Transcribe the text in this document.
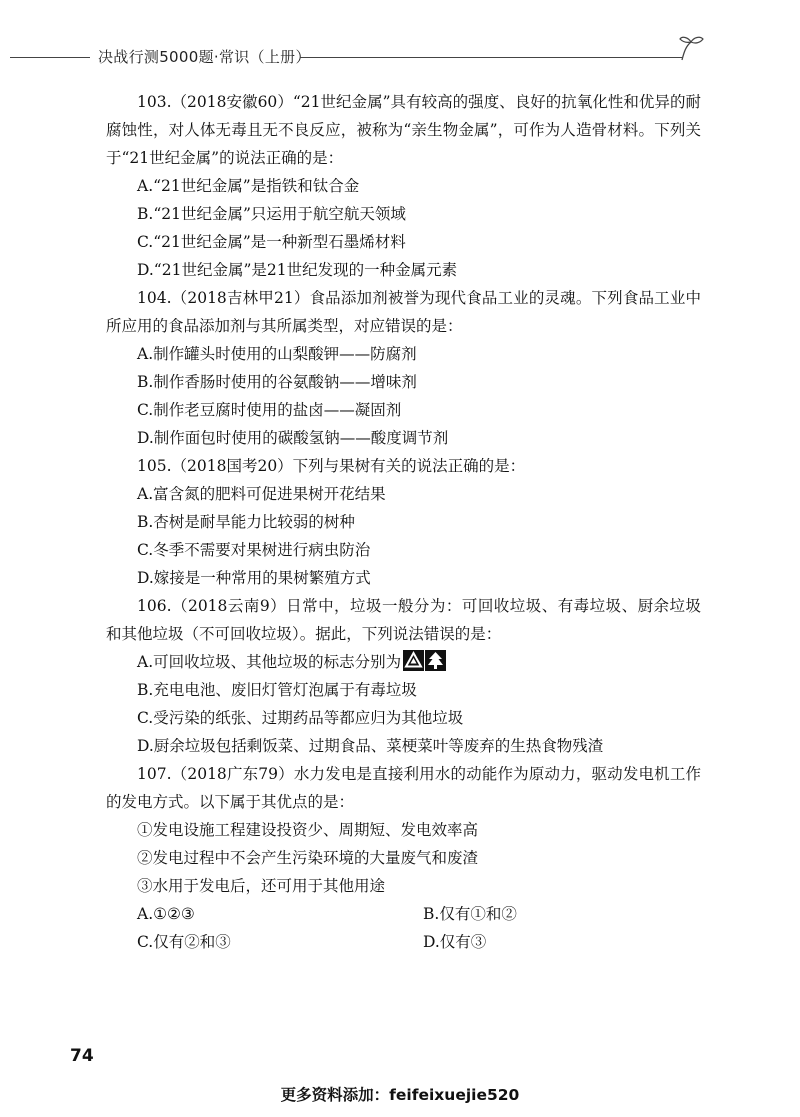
决战行测5000题·常识（上册）

103.（2018安徽60）“21世纪金属”具有较高的强度、良好的抗氧化性和优异的耐腐蚀性，对人体无毒且无不良反应，被称为“亲生物金属”，可作为人造骨材料。下列关于“21世纪金属”的说法正确的是：

A.“21世纪金属”是指铁和钛合金

B.“21世纪金属”只运用于航空航天领域

C.“21世纪金属”是一种新型石墨烯材料

D.“21世纪金属”是21世纪发现的一种金属元素

104.（2018吉林甲21）食品添加剂被誉为现代食品工业的灵魂。下列食品工业中所应用的食品添加剂与其所属类型，对应错误的是：

A.制作罐头时使用的山梨酸钾——防腐剂

B.制作香肠时使用的谷氨酸钠——增味剂

C.制作老豆腐时使用的盐卤——凝固剂

D.制作面包时使用的碳酸氢钠——酸度调节剂

105.（2018国考20）下列与果树有关的说法正确的是：

A.富含氮的肥料可促进果树开花结果

B.杏树是耐旱能力比较弱的树种

C.冬季不需要对果树进行病虫防治

D.嫁接是一种常用的果树繁殖方式

106.（2018云南9）日常中，垃圾一般分为：可回收垃圾、有毒垃圾、厨余垃圾和其他垃圾（不可回收垃圾）。据此，下列说法错误的是：

A.可回收垃圾、其他垃圾的标志分别为

B.充电电池、废旧灯管灯泡属于有毒垃圾

C.受污染的纸张、过期药品等都应归为其他垃圾

D.厨余垃圾包括剩饭菜、过期食品、菜梗菜叶等废弃的生热食物残渣

107.（2018广东79）水力发电是直接利用水的动能作为原动力，驱动发电机工作的发电方式。以下属于其优点的是：

①发电设施工程建设投资少、周期短、发电效率高

②发电过程中不会产生污染环境的大量废气和废渣

③水用于发电后，还可用于其他用途

A.①②③	B.仅有①和②

C.仅有②和③	D.仅有③

74
更多资料添加：feifeixuejie520
